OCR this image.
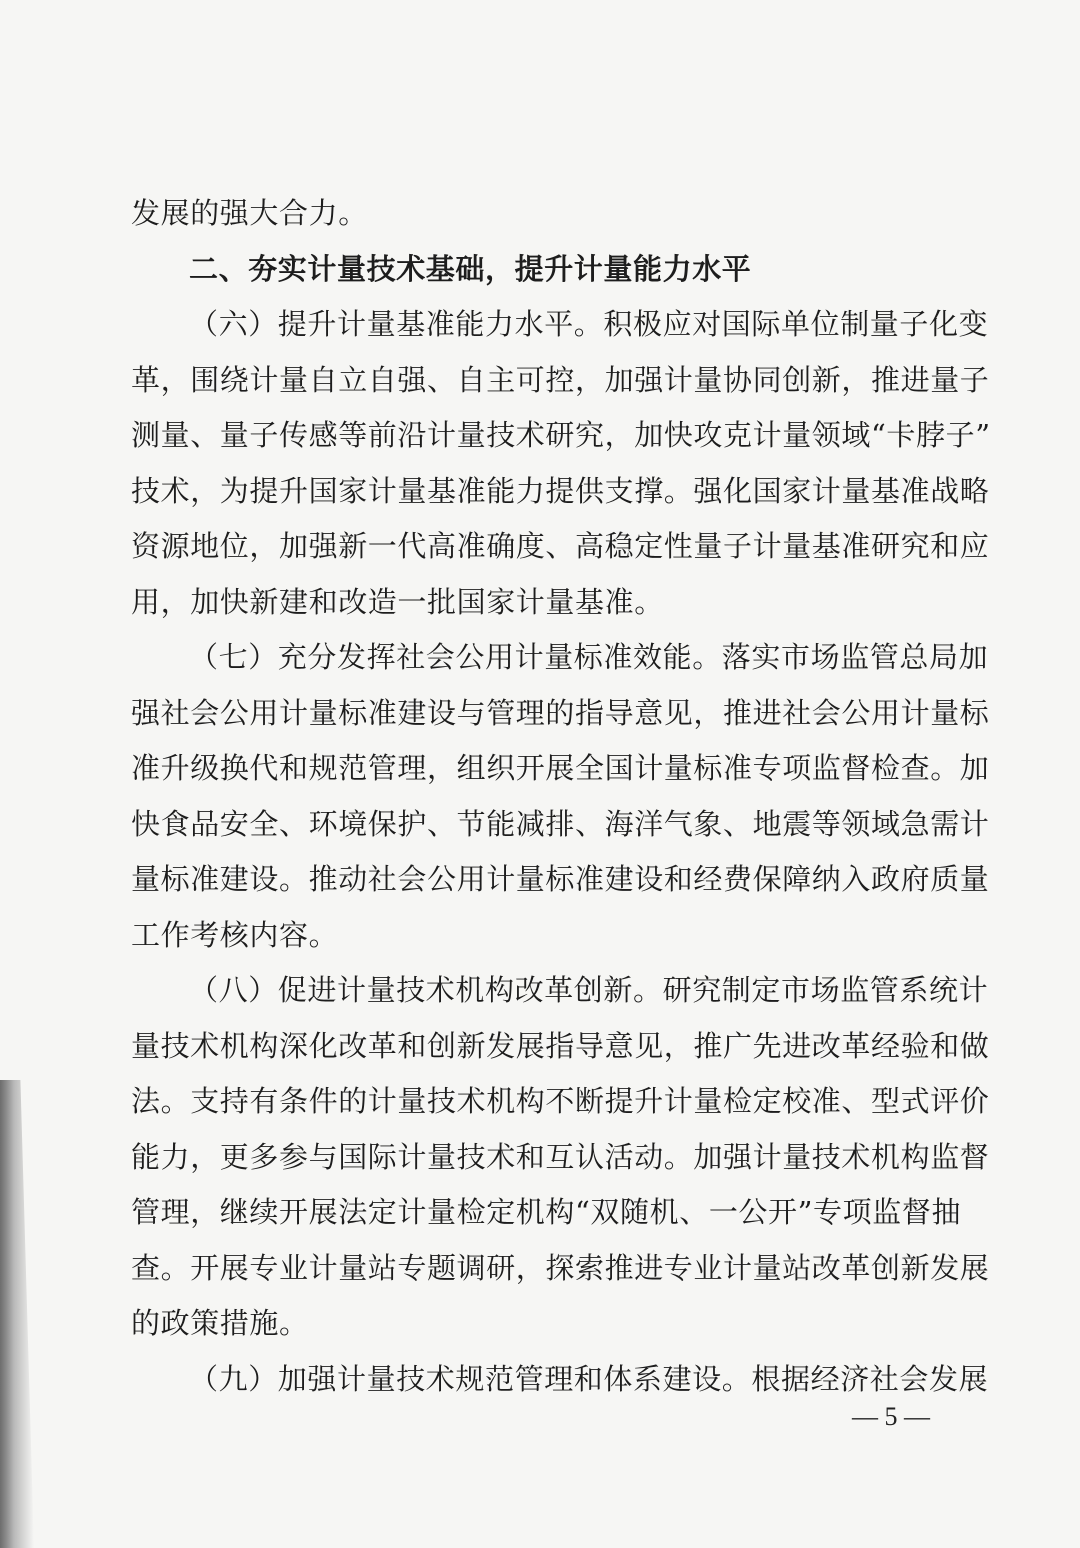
发展的强大合力。
二、夯实计量技术基础，提升计量能力水平
（六）提升计量基准能力水平。积极应对国际单位制量子化变
革，围绕计量自立自强、自主可控，加强计量协同创新，推进量子
测量、量子传感等前沿计量技术研究，加快攻克计量领域“卡脖子”
技术，为提升国家计量基准能力提供支撑。强化国家计量基准战略
资源地位，加强新一代高准确度、高稳定性量子计量基准研究和应
用，加快新建和改造一批国家计量基准。
（七）充分发挥社会公用计量标准效能。落实市场监管总局加
强社会公用计量标准建设与管理的指导意见，推进社会公用计量标
准升级换代和规范管理，组织开展全国计量标准专项监督检查。加
快食品安全、环境保护、节能减排、海洋气象、地震等领域急需计
量标准建设。推动社会公用计量标准建设和经费保障纳入政府质量
工作考核内容。
（八）促进计量技术机构改革创新。研究制定市场监管系统计
量技术机构深化改革和创新发展指导意见，推广先进改革经验和做
法。支持有条件的计量技术机构不断提升计量检定校准、型式评价
能力，更多参与国际计量技术和互认活动。加强计量技术机构监督
管理，继续开展法定计量检定机构“双随机、一公开”专项监督抽
查。开展专业计量站专题调研，探索推进专业计量站改革创新发展
的政策措施。
（九）加强计量技术规范管理和体系建设。根据经济社会发展
— 5 —
